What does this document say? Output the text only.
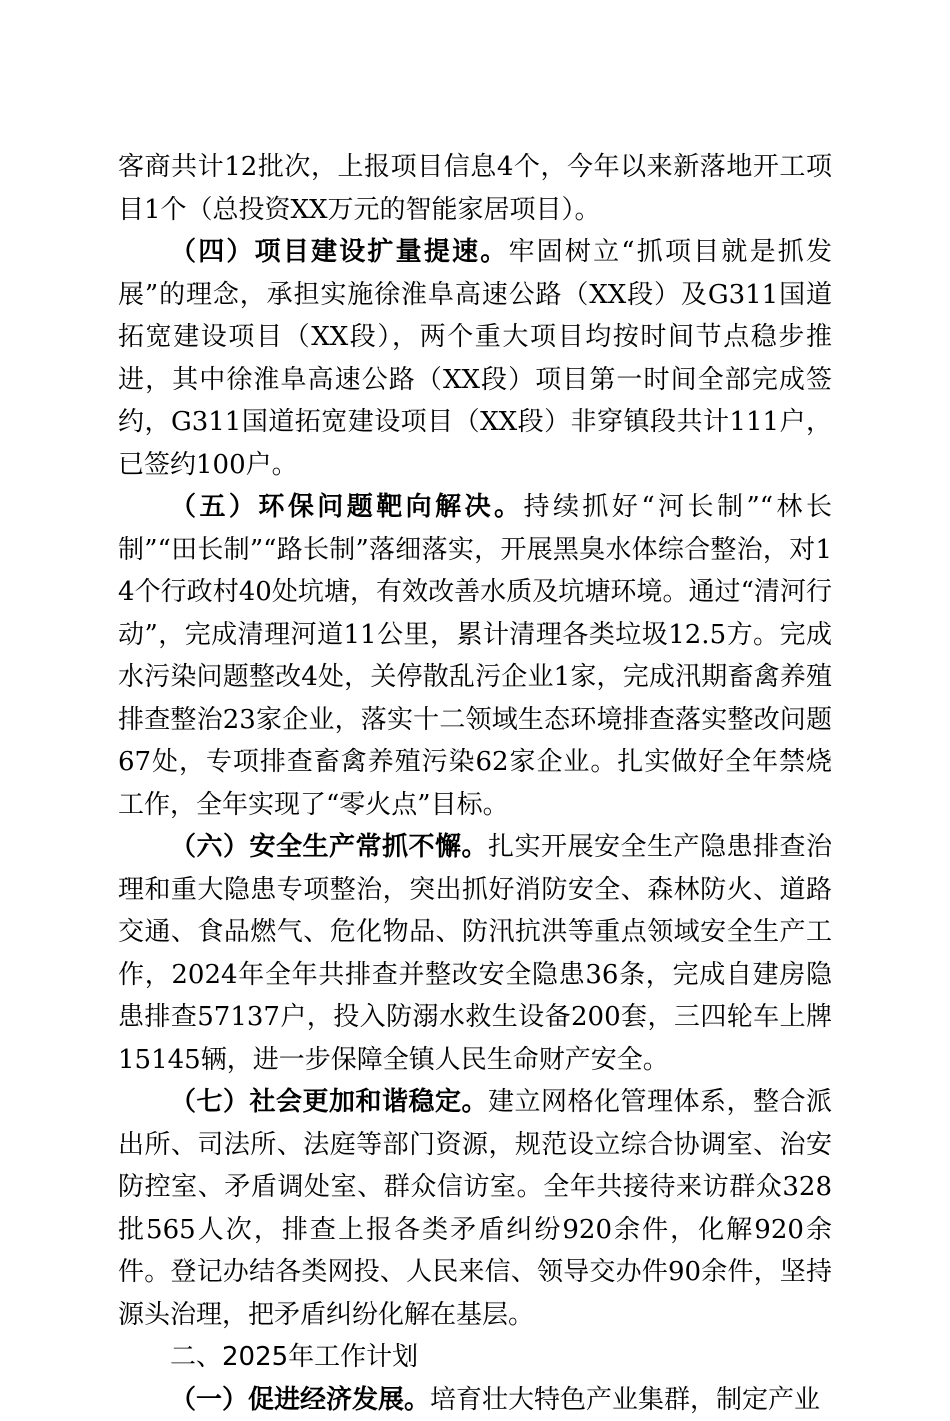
客商共计12批次，上报项目信息4个，今年以来新落地开工项目1个（总投资XX万元的智能家居项目）。

（四）项目建设扩量提速。牢固树立“抓项目就是抓发展”的理念，承担实施徐淮阜高速公路（XX段）及G311国道拓宽建设项目（XX段），两个重大项目均按时间节点稳步推进，其中徐淮阜高速公路（XX段）项目第一时间全部完成签约，G311国道拓宽建设项目（XX段）非穿镇段共计111户，已签约100户。

（五）环保问题靶向解决。持续抓好“河长制”“林长制”“田长制”“路长制”落细落实，开展黑臭水体综合整治，对14个行政村40处坑塘，有效改善水质及坑塘环境。通过“清河行动”，完成清理河道11公里，累计清理各类垃圾12.5方。完成水污染问题整改4处，关停散乱污企业1家，完成汛期畜禽养殖排查整治23家企业，落实十二领域生态环境排查落实整改问题67处，专项排查畜禽养殖污染62家企业。扎实做好全年禁烧工作，全年实现了“零火点”目标。

（六）安全生产常抓不懈。扎实开展安全生产隐患排查治理和重大隐患专项整治，突出抓好消防安全、森林防火、道路交通、食品燃气、危化物品、防汛抗洪等重点领域安全生产工作，2024年全年共排查并整改安全隐患36条，完成自建房隐患排查57137户，投入防溺水救生设备200套，三四轮车上牌15145辆，进一步保障全镇人民生命财产安全。

（七）社会更加和谐稳定。建立网格化管理体系，整合派出所、司法所、法庭等部门资源，规范设立综合协调室、治安防控室、矛盾调处室、群众信访室。全年共接待来访群众328批565人次，排查上报各类矛盾纠纷920余件，化解920余件。登记办结各类网投、人民来信、领导交办件90余件，坚持源头治理，把矛盾纠纷化解在基层。

二、2025年工作计划

（一）促进经济发展。培育壮大特色产业集群，制定产业
